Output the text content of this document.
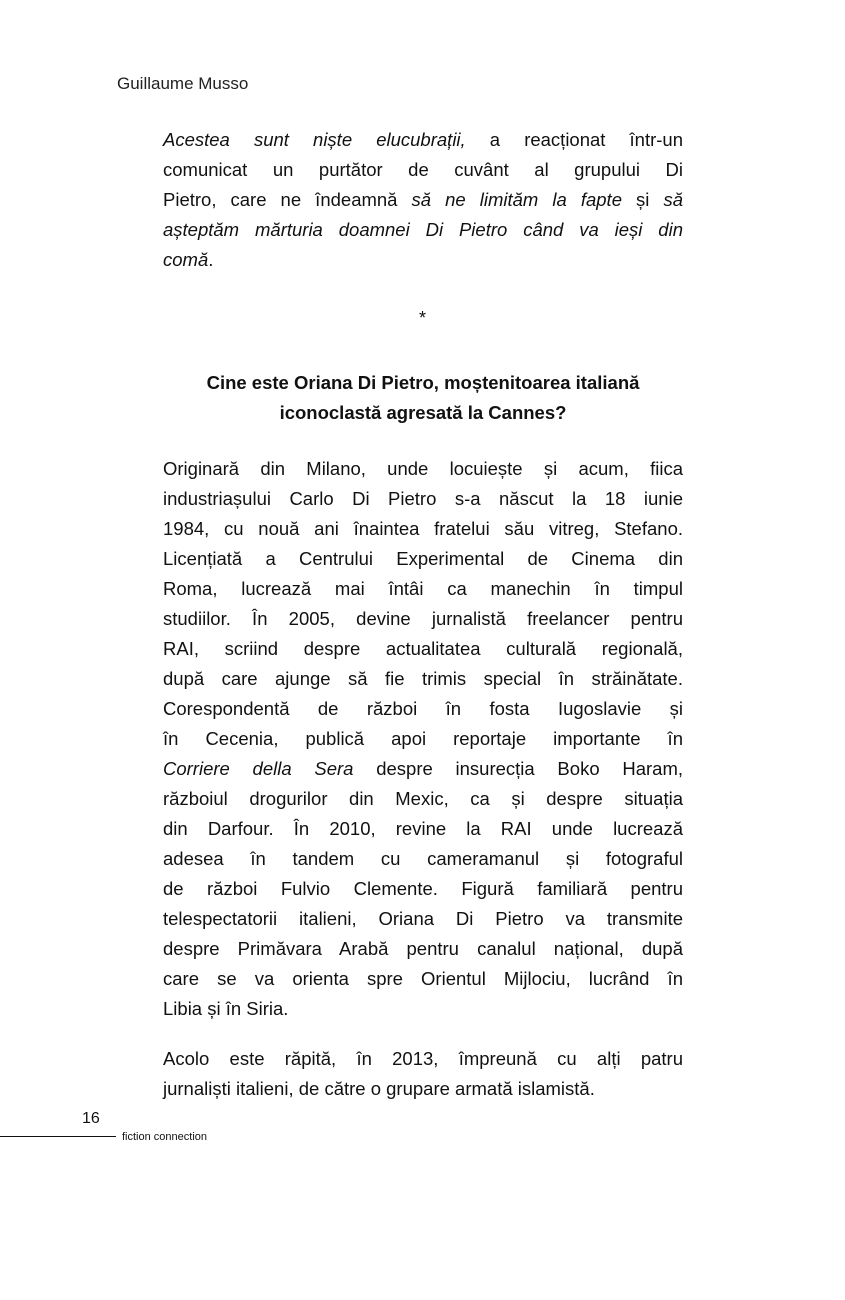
Guillaume Musso
Acestea sunt niște elucubrații, a reacționat într-un
comunicat un purtător de cuvânt al grupului Di
Pietro, care ne îndeamnă să ne limităm la fapte și să
așteptăm mărturia doamnei Di Pietro când va ieși din
comă.
*
Cine este Oriana Di Pietro, moștenitoarea italiană
iconoclastă agresată la Cannes?
Originară din Milano, unde locuiește și acum, fiica
industriașului Carlo Di Pietro s-a născut la 18 iunie
1984, cu nouă ani înaintea fratelui său vitreg, Stefano.
Licențiată a Centrului Experimental de Cinema din
Roma, lucrează mai întâi ca manechin în timpul
studiilor. În 2005, devine jurnalistă freelancer pentru
RAI, scriind despre actualitatea culturală regională,
după care ajunge să fie trimis special în străinătate.
Corespondentă de război în fosta Iugoslavie și
în Cecenia, publică apoi reportaje importante în
Corriere della Sera despre insurecția Boko Haram,
războiul drogurilor din Mexic, ca și despre situația
din Darfour. În 2010, revine la RAI unde lucrează
adesea în tandem cu cameramanul și fotograful
de război Fulvio Clemente. Figură familiară pentru
telespectatorii italieni, Oriana Di Pietro va transmite
despre Primăvara Arabă pentru canalul național, după
care se va orienta spre Orientul Mijlociu, lucrând în
Libia și în Siria.
Acolo este răpită, în 2013, împreună cu alți patru
jurnaliști italieni, de către o grupare armată islamistă.
16
fiction connection
